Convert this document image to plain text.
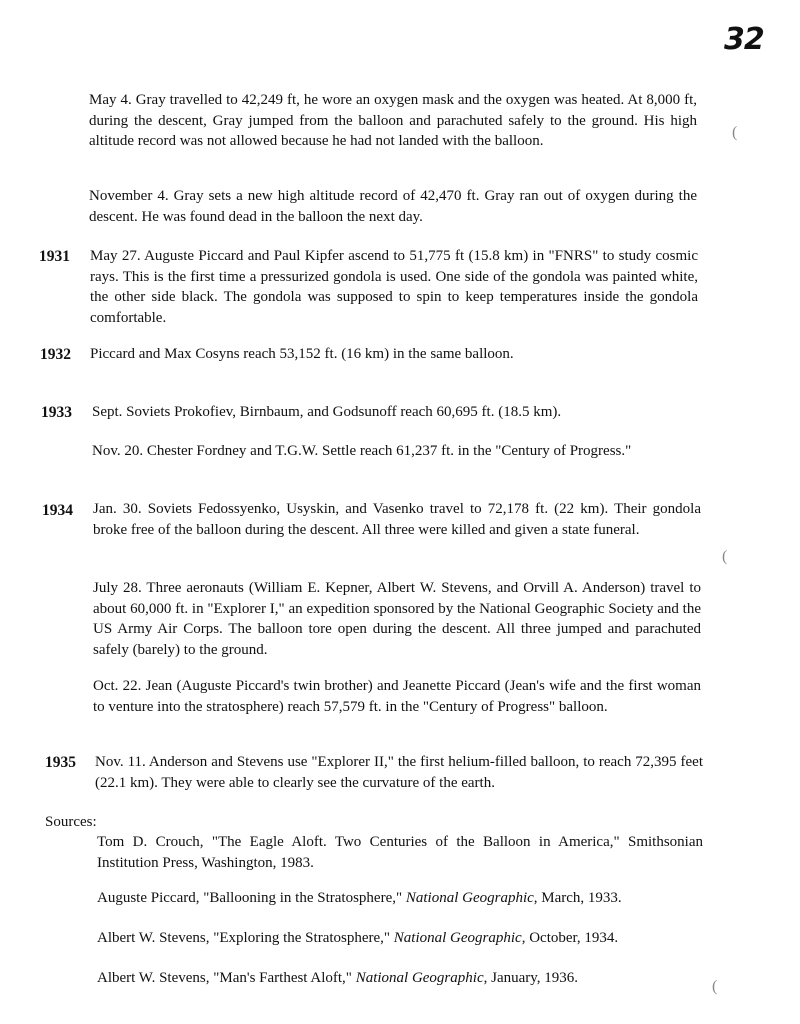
32
May 4. Gray travelled to 42,249 ft, he wore an oxygen mask and the oxygen was heated. At 8,000 ft, during the descent, Gray jumped from the balloon and parachuted safely to the ground. His high altitude record was not allowed because he had not landed with the balloon.
November 4. Gray sets a new high altitude record of 42,470 ft. Gray ran out of oxygen during the descent. He was found dead in the balloon the next day.
1931 May 27. Auguste Piccard and Paul Kipfer ascend to 51,775 ft (15.8 km) in "FNRS" to study cosmic rays. This is the first time a pressurized gondola is used. One side of the gondola was painted white, the other side black. The gondola was supposed to spin to keep temperatures inside the gondola comfortable.
1932 Piccard and Max Cosyns reach 53,152 ft. (16 km) in the same balloon.
1933 Sept. Soviets Prokofiev, Birnbaum, and Godsunoff reach 60,695 ft. (18.5 km).
Nov. 20. Chester Fordney and T.G.W. Settle reach 61,237 ft. in the "Century of Progress."
1934 Jan. 30. Soviets Fedossyenko, Usyskin, and Vasenko travel to 72,178 ft. (22 km). Their gondola broke free of the balloon during the descent. All three were killed and given a state funeral.
July 28. Three aeronauts (William E. Kepner, Albert W. Stevens, and Orvill A. Anderson) travel to about 60,000 ft. in "Explorer I," an expedition sponsored by the National Geographic Society and the US Army Air Corps. The balloon tore open during the descent. All three jumped and parachuted safely (barely) to the ground.
Oct. 22. Jean (Auguste Piccard's twin brother) and Jeanette Piccard (Jean's wife and the first woman to venture into the stratosphere) reach 57,579 ft. in the "Century of Progress" balloon.
1935 Nov. 11. Anderson and Stevens use "Explorer II," the first helium-filled balloon, to reach 72,395 feet (22.1 km). They were able to clearly see the curvature of the earth.
Sources:
Tom D. Crouch, "The Eagle Aloft. Two Centuries of the Balloon in America," Smithsonian Institution Press, Washington, 1983.
Auguste Piccard, "Ballooning in the Stratosphere," National Geographic, March, 1933.
Albert W. Stevens, "Exploring the Stratosphere," National Geographic, October, 1934.
Albert W. Stevens, "Man's Farthest Aloft," National Geographic, January, 1936.
(
(
(
